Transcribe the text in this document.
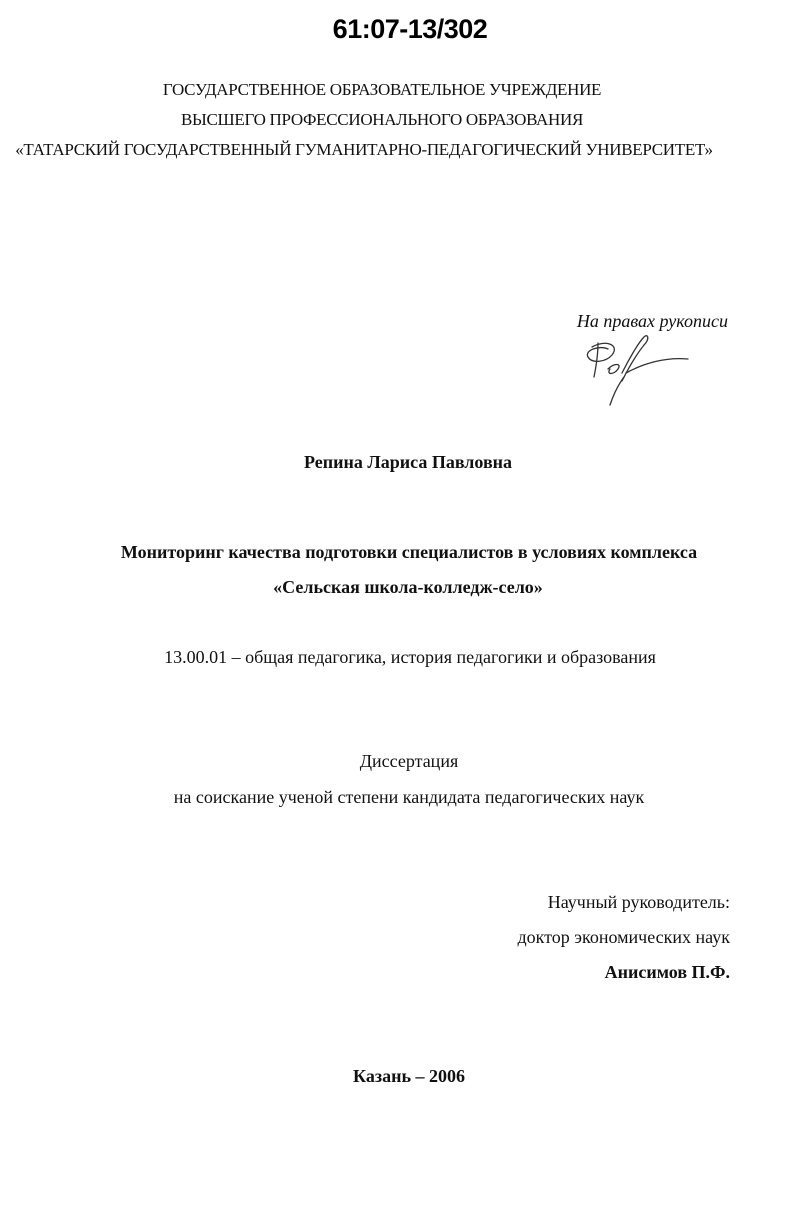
61:07-13/302
ГОСУДАРСТВЕННОЕ ОБРАЗОВАТЕЛЬНОЕ УЧРЕЖДЕНИЕ
ВЫСШЕГО ПРОФЕССИОНАЛЬНОГО ОБРАЗОВАНИЯ
«ТАТАРСКИЙ ГОСУДАРСТВЕННЫЙ ГУМАНИТАРНО-ПЕДАГОГИЧЕСКИЙ УНИВЕРСИТЕТ»
На правах рукописи
Репина Лариса Павловна
Мониторинг качества подготовки специалистов в условиях комплекса
«Сельская школа-колледж-село»
13.00.01 – общая педагогика, история педагогики и образования
Диссертация
на соискание ученой степени кандидата педагогических наук
Научный руководитель:
доктор экономических наук
Анисимов П.Ф.
Казань – 2006
